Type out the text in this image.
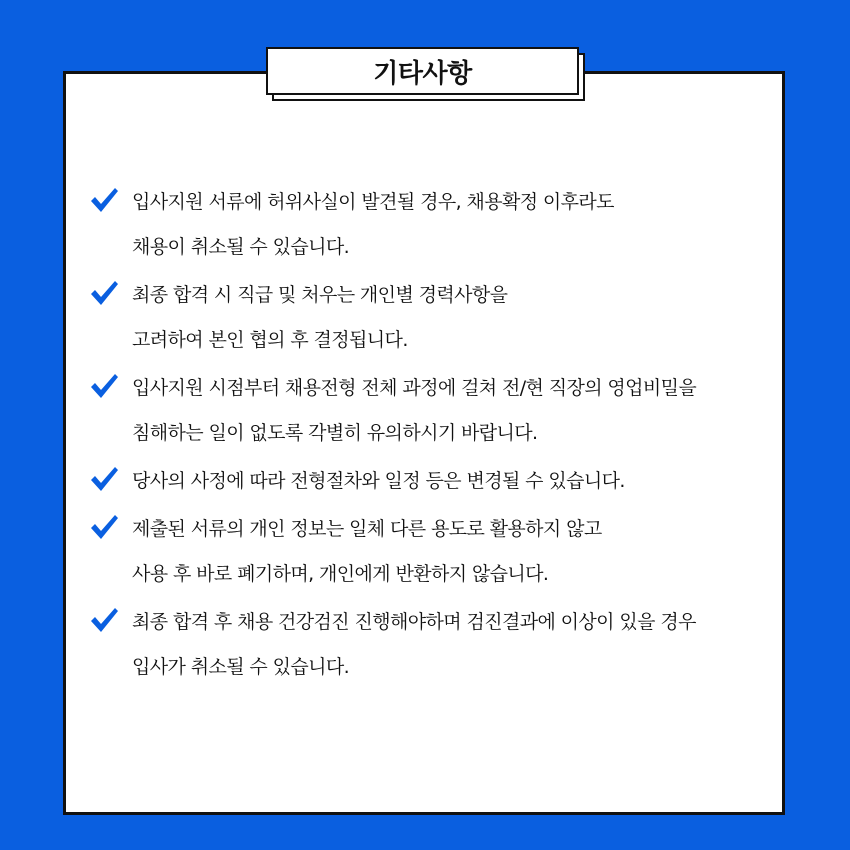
기타사항
입사지원 서류에 허위사실이 발견될 경우, 채용확정 이후라도
채용이 취소될 수 있습니다.
최종 합격 시 직급 및 처우는 개인별 경력사항을
고려하여 본인 협의 후 결정됩니다.
입사지원 시점부터 채용전형 전체 과정에 걸쳐 전/현 직장의 영업비밀을
침해하는 일이 없도록 각별히 유의하시기 바랍니다.
당사의 사정에 따라 전형절차와 일정 등은 변경될 수 있습니다.
제출된 서류의 개인 정보는 일체 다른 용도로 활용하지 않고
사용 후 바로 폐기하며, 개인에게 반환하지 않습니다.
최종 합격 후 채용 건강검진 진행해야하며 검진결과에 이상이 있을 경우
입사가 취소될 수 있습니다.
